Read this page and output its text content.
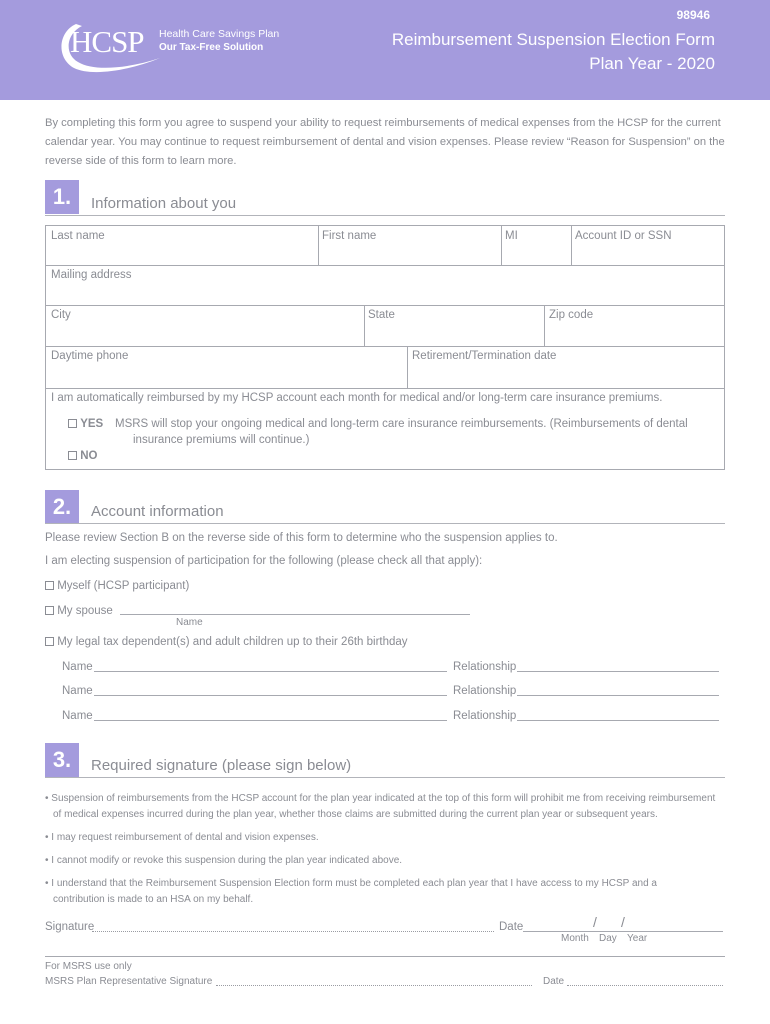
HCSP Health Care Savings Plan
Our Tax-Free Solution
98946
Reimbursement Suspension Election Form
Plan Year - 2020
By completing this form you agree to suspend your ability to request reimbursements of medical expenses from the HCSP for the current calendar year. You may continue to request reimbursement of dental and vision expenses. Please review “Reason for Suspension” on the reverse side of this form to learn more.
1.	Information about you
Last name	First name	MI	Account ID or SSN
Mailing address
City	State	Zip code
Daytime phone	Retirement/Termination date
I am automatically reimbursed by my HCSP account each month for medical and/or long-term care insurance premiums.
YES MSRS will stop your ongoing medical and long-term care insurance reimbursements. (Reimbursements of dental
insurance premiums will continue.)
NO
2.	Account information
Please review Section B on the reverse side of this form to determine who the suspension applies to.
I am electing suspension of participation for the following (please check all that apply):
Myself (HCSP participant)
My spouse
Name
My legal tax dependent(s) and adult children up to their 26th birthday
Name	Relationship
Name	Relationship
Name	Relationship
3.	Required signature (please sign below)
• Suspension of reimbursements from the HCSP account for the plan year indicated at the top of this form will prohibit me from receiving reimbursement
of medical expenses incurred during the plan year, whether those claims are submitted during the current plan year or subsequent years.
• I may request reimbursement of dental and vision expenses.
• I cannot modify or revoke this suspension during the plan year indicated above.
• I understand that the Reimbursement Suspension Election form must be completed each plan year that I have access to my HCSP and a
contribution is made to an HSA on my behalf.
Signature	Date	/ /
Month Day Year
For MSRS use only
MSRS Plan Representative Signature	Date
